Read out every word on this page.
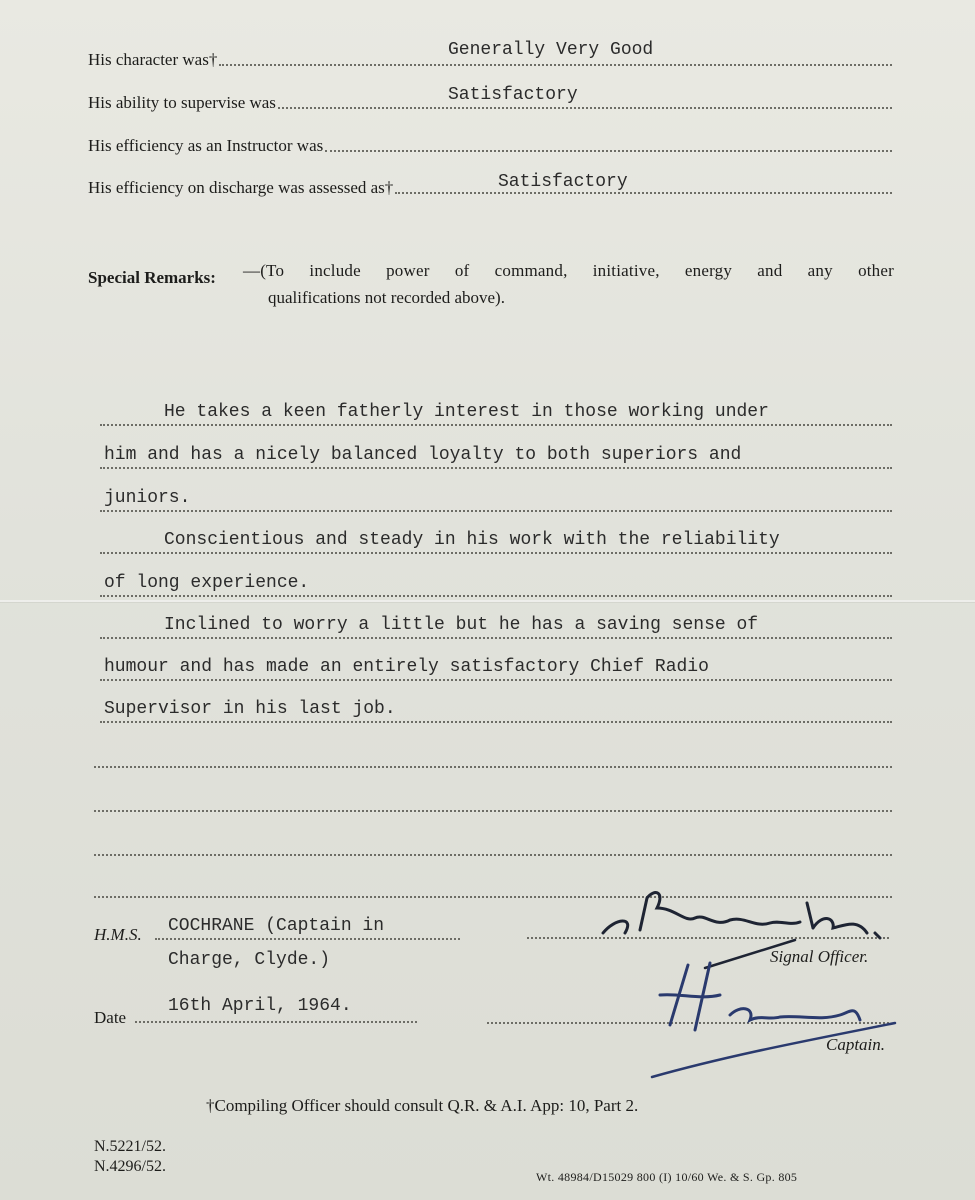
His character was†	Generally Very Good
His ability to supervise was	Satisfactory
His efficiency as an Instructor was
His efficiency on discharge was assessed as†	Satisfactory
Special Remarks: —(To include power of command, initiative, energy and any other
qualifications not recorded above).
He takes a keen fatherly interest in those working under
him and has a nicely balanced loyalty to both superiors and
juniors.
Conscientious and steady in his work with the reliability
of long experience.
Inclined to worry a little but he has a saving sense of
humour and has made an entirely satisfactory Chief Radio
Supervisor in his last job.
H.M.S. COCHRANE (Captain in
Charge, Clyde.)
Date
16th April, 1964.
Signal Officer.
Captain.
†Compiling Officer should consult Q.R. & A.I. App: 10, Part 2.
N.5221/52.
N.4296/52.
Wt. 48984/D15029 800 (I) 10/60 We. & S. Gp. 805
